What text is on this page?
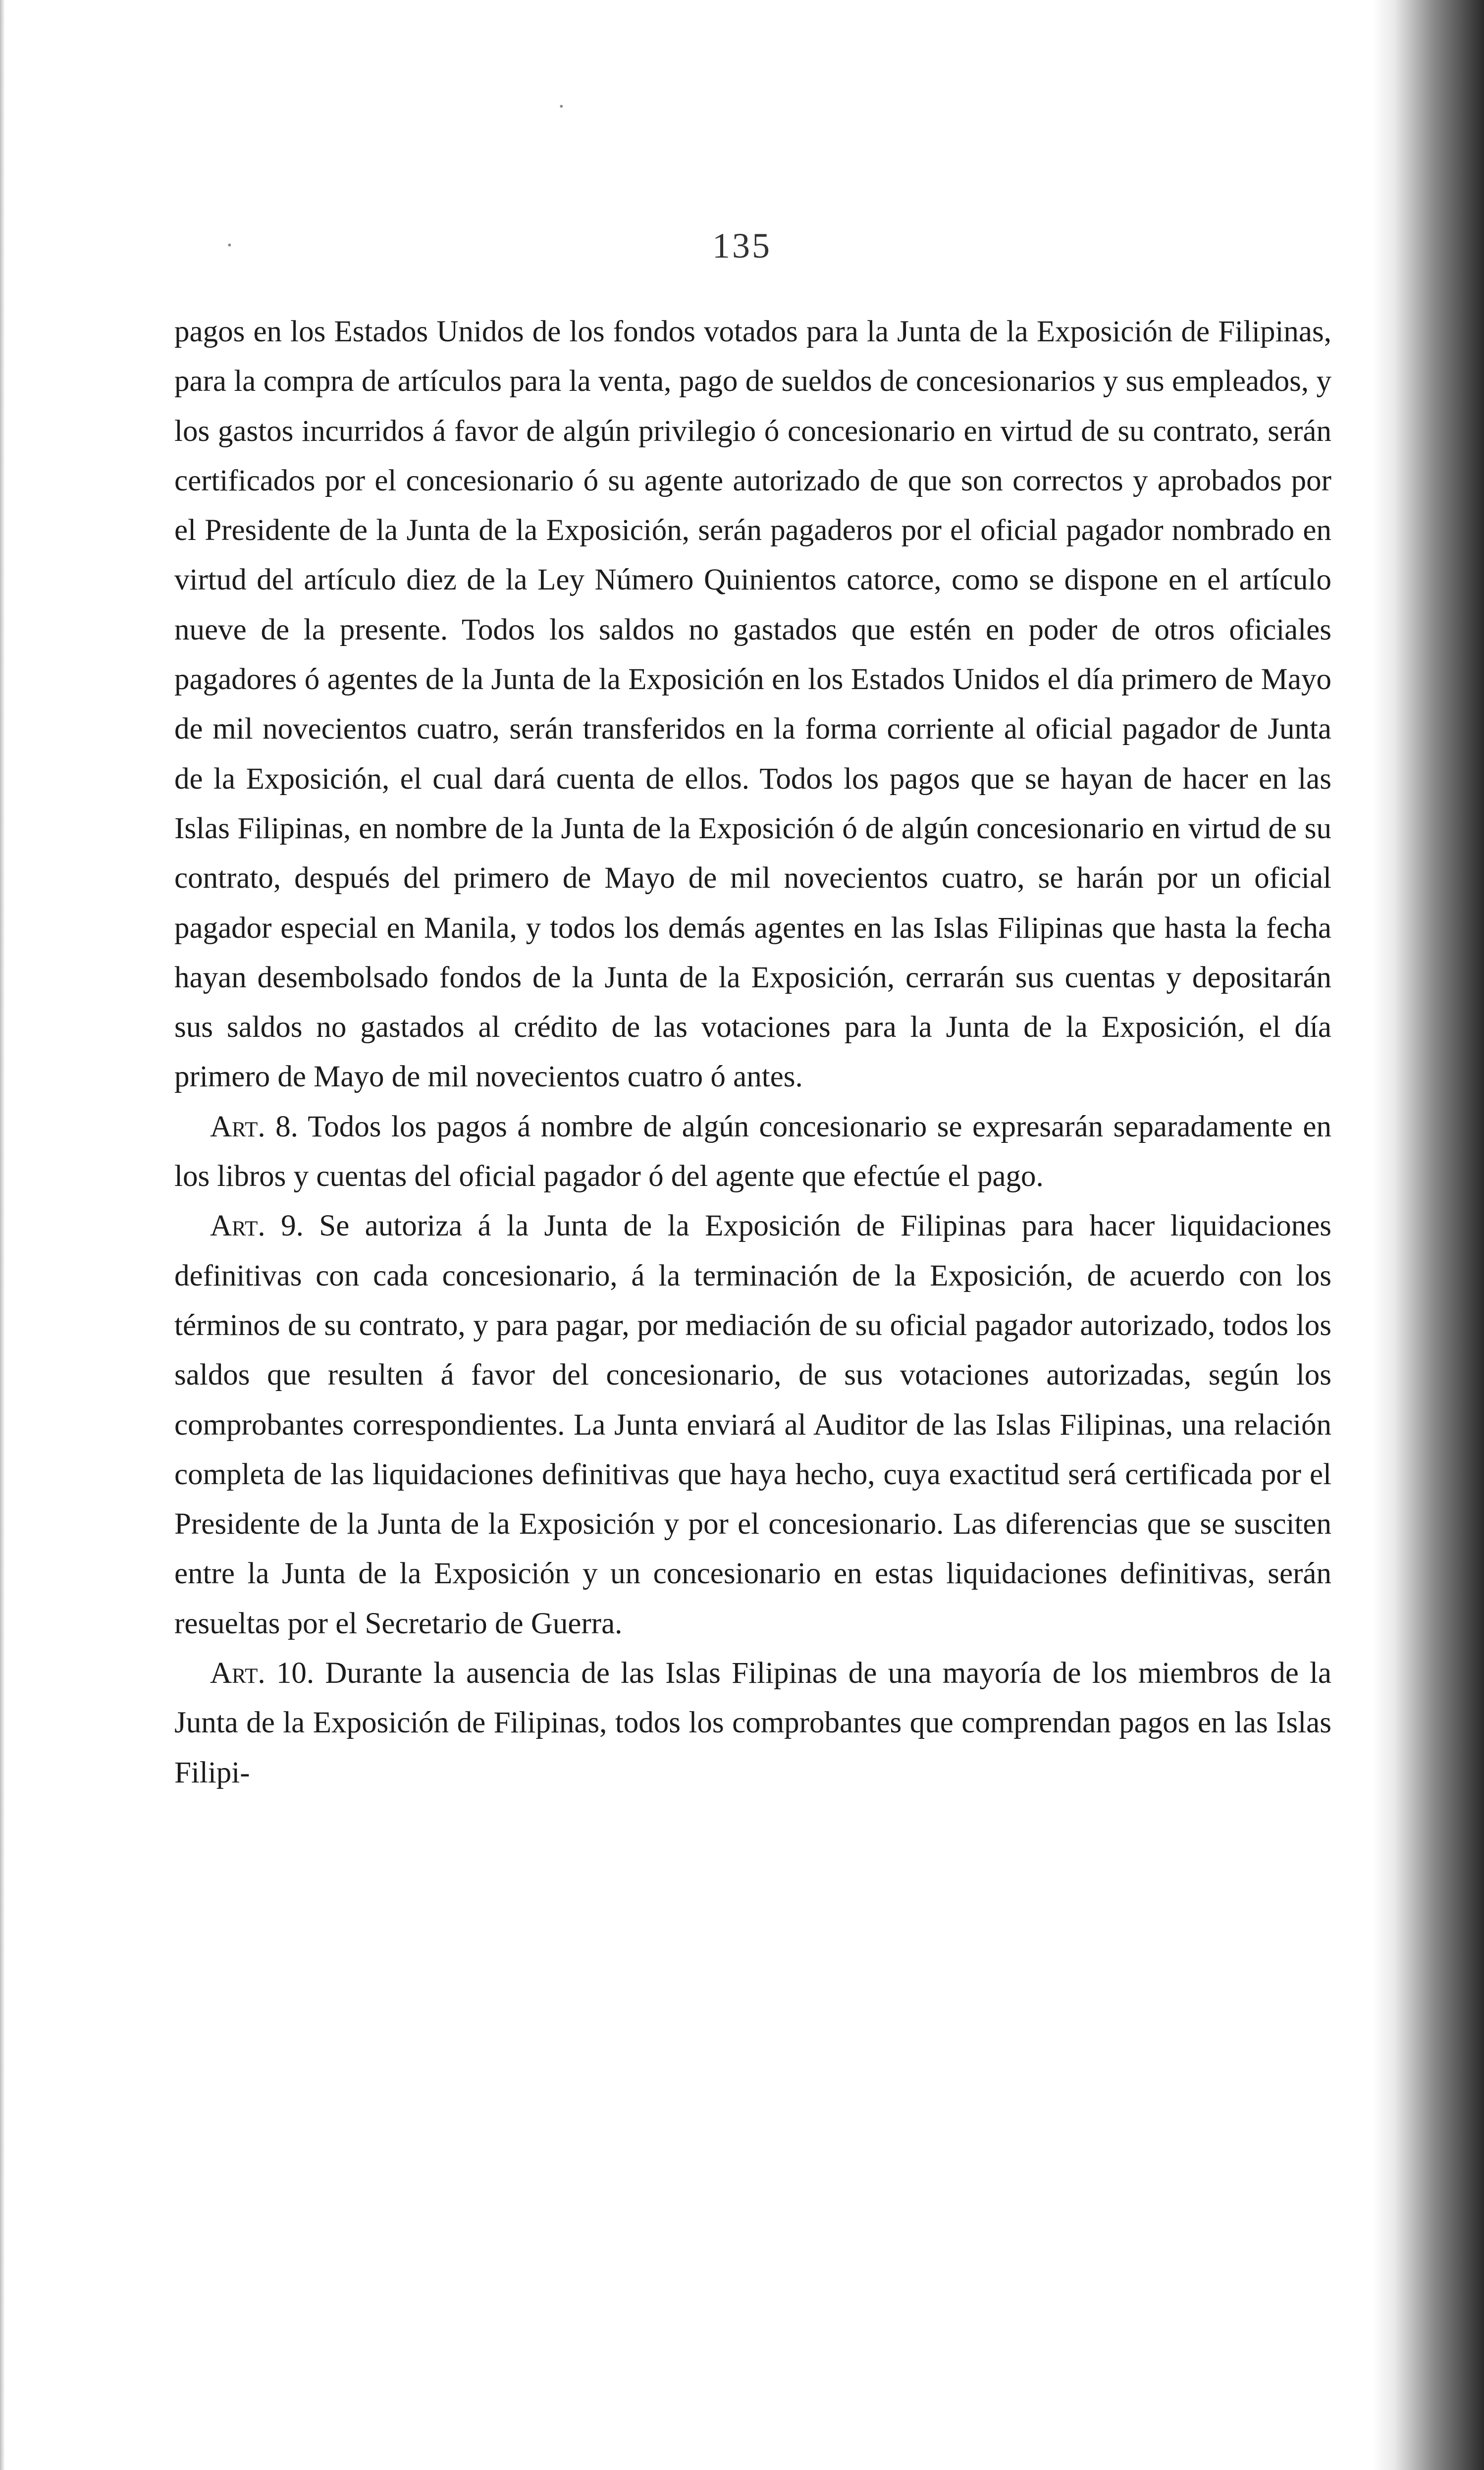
·
·	135

pagos en los Estados Unidos de los fondos votados para la Junta de la Exposición de Filipinas, para la compra de artículos para la venta, pago de sueldos de concesionarios y sus empleados, y los gastos incurridos á favor de algún privilegio ó concesionario en virtud de su contrato, serán certificados por el concesionario ó su agente autorizado de que son correctos y aprobados por el Presidente de la Junta de la Exposición, serán pagaderos por el oficial pagador nombrado en virtud del artículo diez de la Ley Número Quinientos catorce, como se dispone en el artículo nueve de la presente. Todos los saldos no gastados que estén en poder de otros oficiales pagadores ó agentes de la Junta de la Exposición en los Estados Unidos el día primero de Mayo de mil novecientos cuatro, serán transferidos en la forma corriente al oficial pagador de Junta de la Exposición, el cual dará cuenta de ellos. Todos los pagos que se hayan de hacer en las Islas Filipinas, en nombre de la Junta de la Exposición ó de algún concesionario en virtud de su contrato, después del primero de Mayo de mil novecientos cuatro, se harán por un oficial pagador especial en Manila, y todos los demás agentes en las Islas Filipinas que hasta la fecha hayan desembolsado fondos de la Junta de la Exposición, cerrarán sus cuentas y depositarán sus saldos no gastados al crédito de las votaciones para la Junta de la Exposición, el día primero de Mayo de mil novecientos cuatro ó antes.

Art. 8. Todos los pagos á nombre de algún concesionario se expresarán separadamente en los libros y cuentas del oficial pagador ó del agente que efectúe el pago.

Art. 9. Se autoriza á la Junta de la Exposición de Filipinas para hacer liquidaciones definitivas con cada concesionario, á la terminación de la Exposición, de acuerdo con los términos de su contrato, y para pagar, por mediación de su oficial pagador autorizado, todos los saldos que resulten á favor del concesionario, de sus votaciones autorizadas, según los comprobantes correspondientes. La Junta enviará al Auditor de las Islas Filipinas, una relación completa de las liquidaciones definitivas que haya hecho, cuya exactitud será certificada por el Presidente de la Junta de la Exposición y por el concesionario. Las diferencias que se susciten entre la Junta de la Exposición y un concesionario en estas liquidaciones definitivas, serán resueltas por el Secretario de Guerra.

Art. 10. Durante la ausencia de las Islas Filipinas de una mayoría de los miembros de la Junta de la Exposición de Filipinas, todos los comprobantes que comprendan pagos en las Islas Filipi-
